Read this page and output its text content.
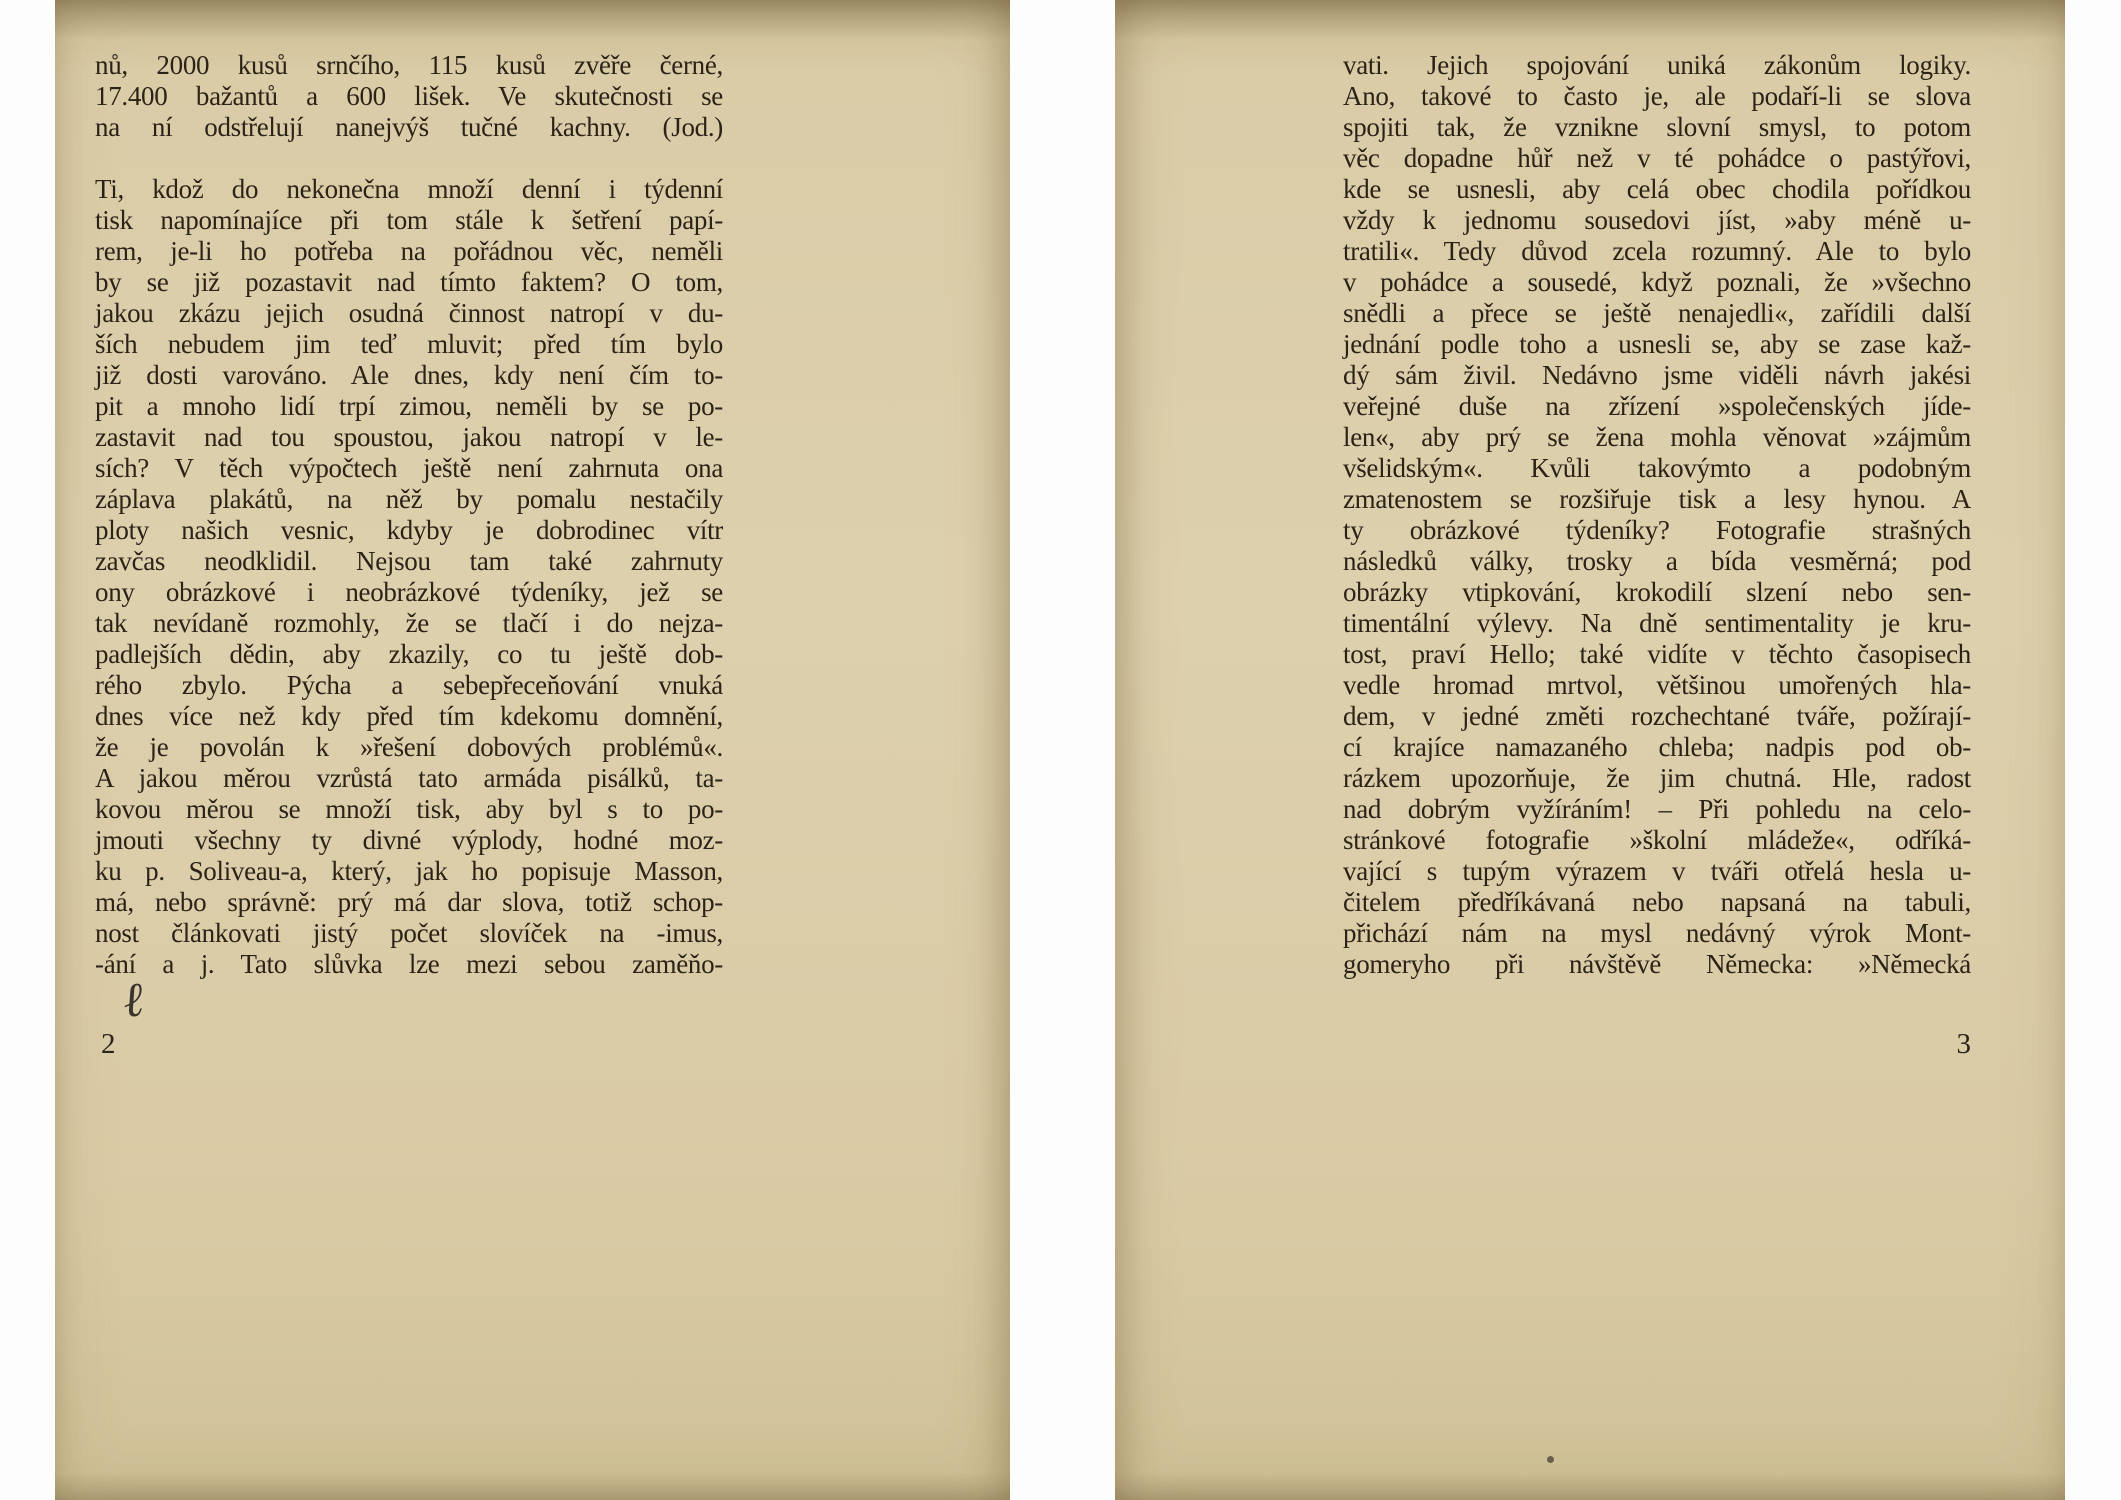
nů, 2000 kusů srnčího, 115 kusů zvěře černé,
17.400 bažantů a 600 lišek. Ve skutečnosti se
na ní odstřelují nanejvýš tučné kachny. (Jod.)
Ti, kdož do nekonečna množí denní i týdenní
tisk napomínajíce při tom stále k šetření papí-
rem, je-li ho potřeba na pořádnou věc, neměli
by se již pozastavit nad tímto faktem? O tom,
jakou zkázu jejich osudná činnost natropí v du-
ších nebudem jim teď mluvit; před tím bylo
již dosti varováno. Ale dnes, kdy není čím to-
pit a mnoho lidí trpí zimou, neměli by se po-
zastavit nad tou spoustou, jakou natropí v le-
sích? V těch výpočtech ještě není zahrnuta ona
záplava plakátů, na něž by pomalu nestačily
ploty našich vesnic, kdyby je dobrodinec vítr
zavčas neodklidil. Nejsou tam také zahrnuty
ony obrázkové i neobrázkové týdeníky, jež se
tak nevídaně rozmohly, že se tlačí i do nejza-
padlejších dědin, aby zkazily, co tu ještě dob-
rého zbylo. Pýcha a sebepřeceňování vnuká
dnes více než kdy před tím kdekomu domnění,
že je povolán k »řešení dobových problémů«.
A jakou měrou vzrůstá tato armáda pisálků, ta-
kovou měrou se množí tisk, aby byl s to po-
jmouti všechny ty divné výplody, hodné moz-
ku p. Soliveau-a, který, jak ho popisuje Masson,
má, nebo správně: prý má dar slova, totiž schop-
nost článkovati jistý počet slovíček na -imus,
-ání a j. Tato slůvka lze mezi sebou zaměňo-
ℓ
2
vati. Jejich spojování uniká zákonům logiky.
Ano, takové to často je, ale podaří-li se slova
spojiti tak, že vznikne slovní smysl, to potom
věc dopadne hůř než v té pohádce o pastýřovi,
kde se usnesli, aby celá obec chodila pořídkou
vždy k jednomu sousedovi jíst, »aby méně u-
tratili«. Tedy důvod zcela rozumný. Ale to bylo
v pohádce a sousedé, když poznali, že »všechno
snědli a přece se ještě nenajedli«, zařídili další
jednání podle toho a usnesli se, aby se zase kaž-
dý sám živil. Nedávno jsme viděli návrh jakési
veřejné duše na zřízení »společenských jíde-
len«, aby prý se žena mohla věnovat »zájmům
všelidským«. Kvůli takovýmto a podobným
zmatenostem se rozšiřuje tisk a lesy hynou. A
ty obrázkové týdeníky? Fotografie strašných
následků války, trosky a bída vesměrná; pod
obrázky vtipkování, krokodilí slzení nebo sen-
timentální výlevy. Na dně sentimentality je kru-
tost, praví Hello; také vidíte v těchto časopisech
vedle hromad mrtvol, většinou umořených hla-
dem, v jedné změti rozchechtané tváře, požírají-
cí krajíce namazaného chleba; nadpis pod ob-
rázkem upozorňuje, že jim chutná. Hle, radost
nad dobrým vyžíráním! – Při pohledu na celo-
stránkové fotografie »školní mládeže«, odříká-
vající s tupým výrazem v tváři otřelá hesla u-
čitelem předříkávaná nebo napsaná na tabuli,
přichází nám na mysl nedávný výrok Mont-
gomeryho při návštěvě Německa: »Německá
3
